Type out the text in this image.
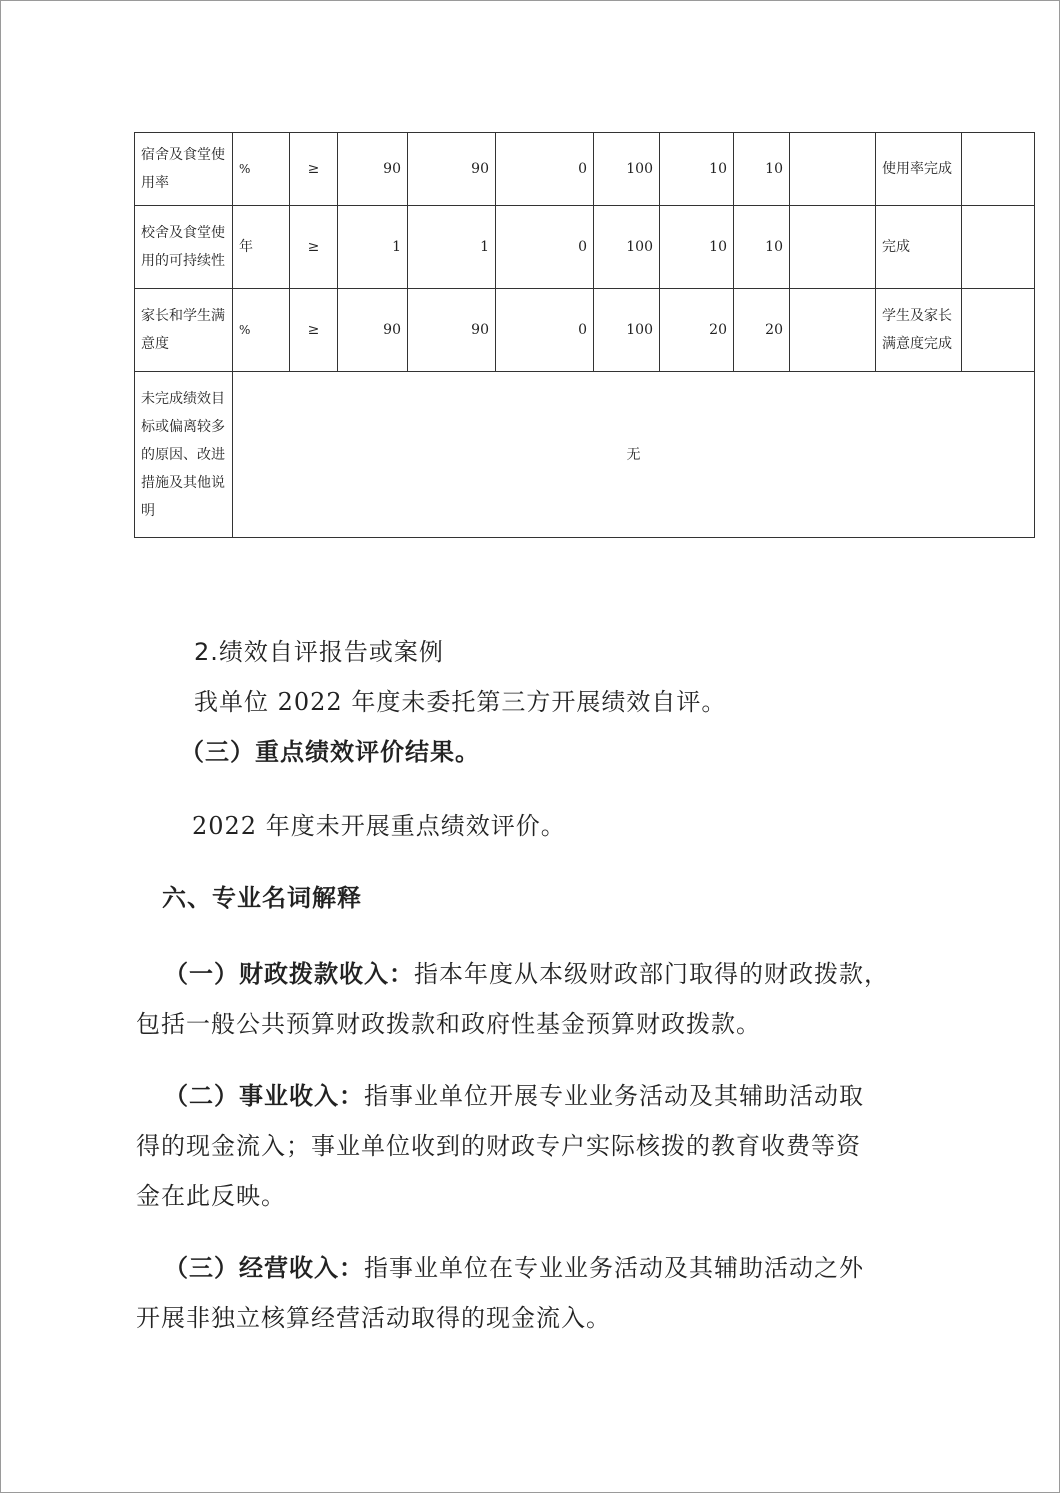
宿舍及食堂使用率	%	≥	90	90	0	100	10	10		使用率完成	
校舍及食堂使用的可持续性	年	≥	1	1	0	100	10	10		完成	
家长和学生满意度	%	≥	90	90	0	100	20	20		学生及家长满意度完成	
未完成绩效目标或偏离较多的原因、改进措施及其他说明	无										
2.绩效自评报告或案例
我单位 2022 年度未委托第三方开展绩效自评。
（三）重点绩效评价结果。
2022 年度未开展重点绩效评价。
六、专业名词解释
（一）财政拨款收入：指本年度从本级财政部门取得的财政拨款，
包括一般公共预算财政拨款和政府性基金预算财政拨款。
（二）事业收入：指事业单位开展专业业务活动及其辅助活动取
得的现金流入；事业单位收到的财政专户实际核拨的教育收费等资
金在此反映。
（三）经营收入：指事业单位在专业业务活动及其辅助活动之外
开展非独立核算经营活动取得的现金流入。
